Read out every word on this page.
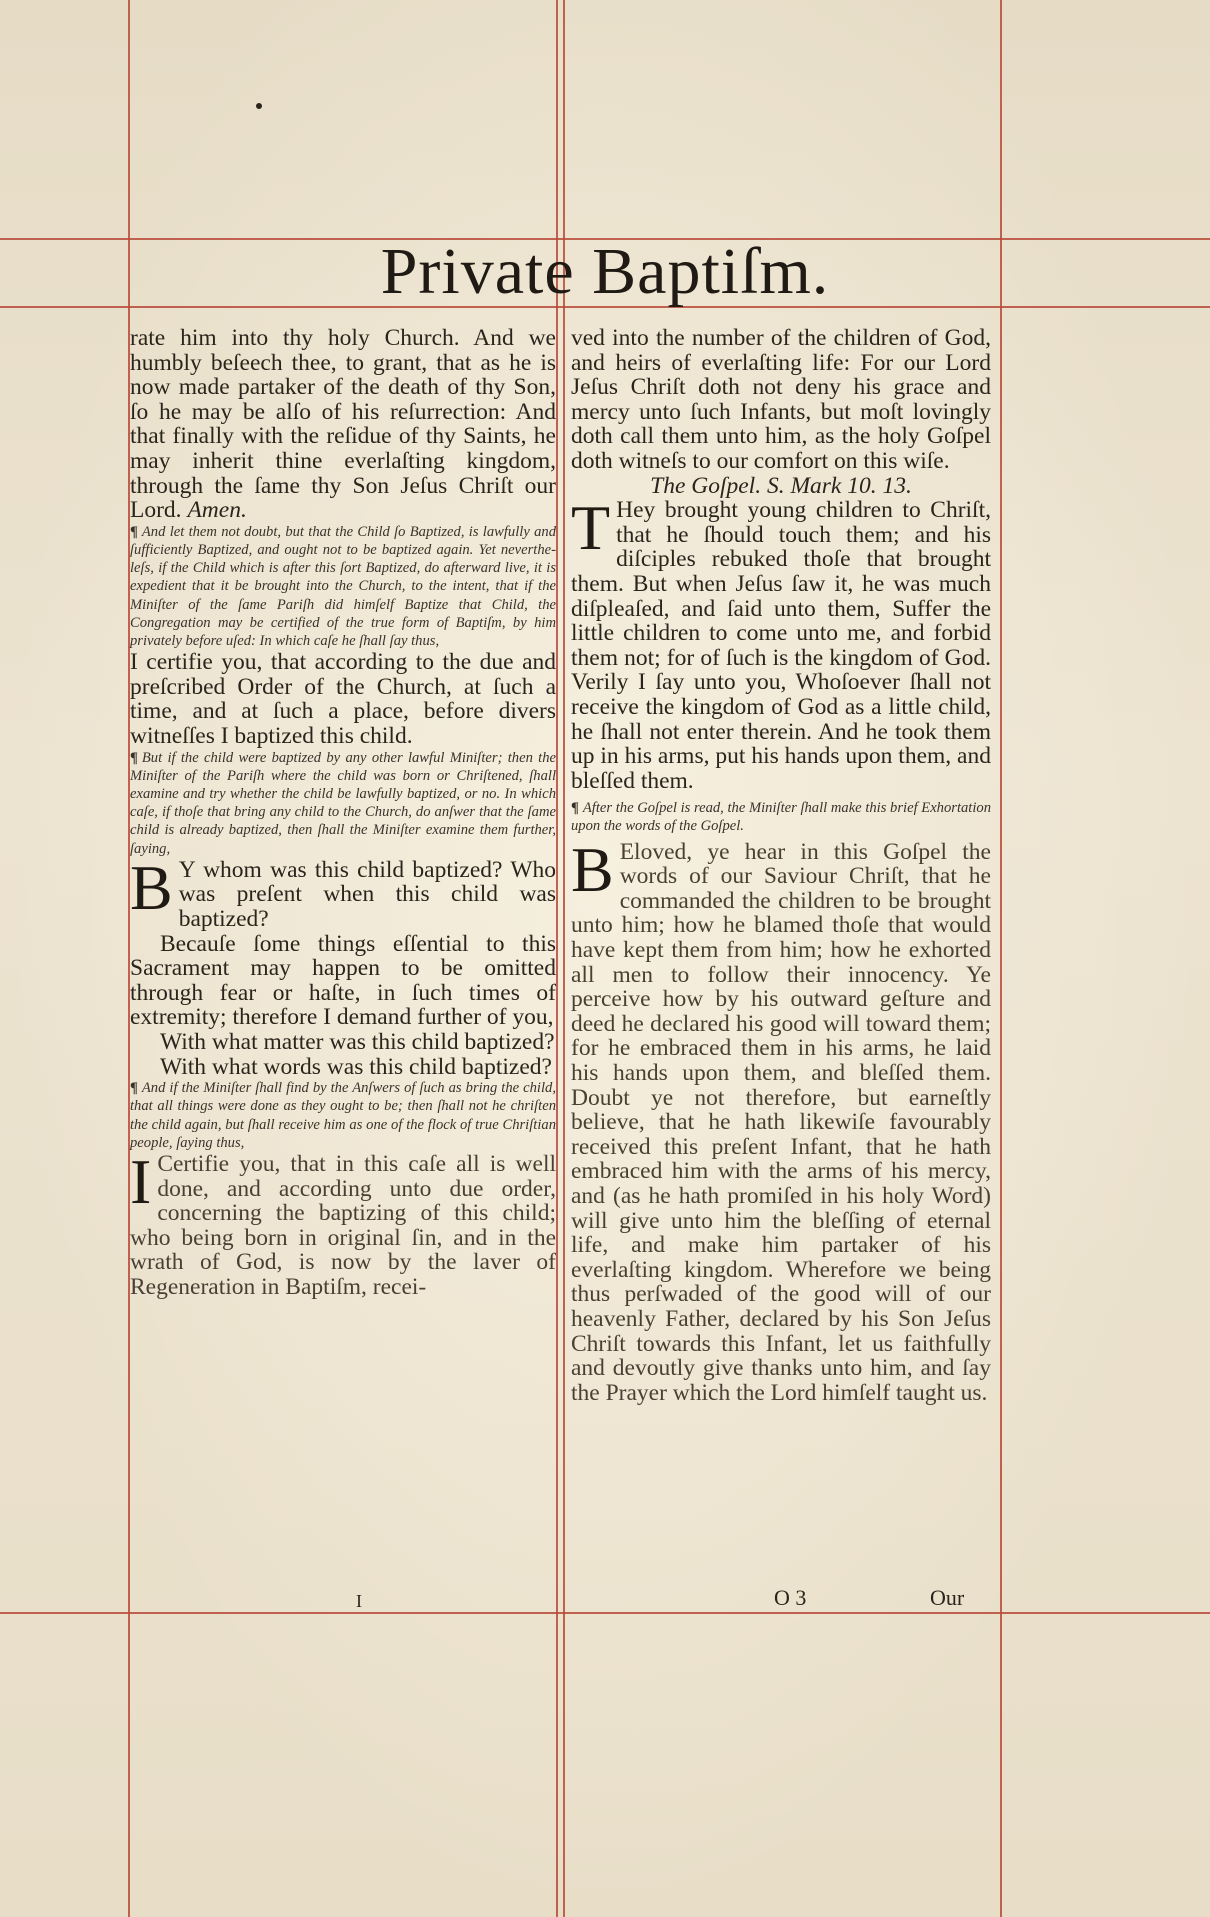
Private Baptiſm.

rate him into thy holy Church. And we humbly beſeech thee, to grant, that as he is now made partaker of the death of thy Son, ſo he may be alſo of his reſurrection: And that finally with the reſidue of thy Saints, he may inherit thine everlaſting kingdom, through the ſame thy Son Jeſus Chriſt our Lord. Amen.

¶ And let them not doubt, but that the Child ſo Baptized, is lawfully and ſufficiently Baptized, and ought not to be baptized again. Yet nevertheleſs, if the Child which is after this ſort Baptized, do afterward live, it is expedient that it be brought into the Church, to the intent, that if the Miniſter of the ſame Pariſh did himſelf Baptize that Child, the Congregation may be certified of the true form of Baptiſm, by him privately before uſed: In which caſe he ſhall ſay thus,

I certifie you, that according to the due and preſcribed Order of the Church, at ſuch a time, and at ſuch a place, before divers witneſſes I baptized this child.

¶ But if the child were baptized by any other lawful Miniſter; then the Miniſter of the Pariſh where the child was born or Chriſtened, ſhall examine and try whether the child be lawfully baptized, or no. In which caſe, if thoſe that bring any child to the Church, do anſwer that the ſame child is already baptized, then ſhall the Miniſter examine them further, ſaying,

B Y whom was this child baptized? Who was preſent when this child was baptized?

Becauſe ſome things eſſential to this Sacrament may happen to be omitted through fear or haſte, in ſuch times of extremity; therefore I demand further of you,

With what matter was this child baptized?

With what words was this child baptized?

¶ And if the Miniſter ſhall find by the Anſwers of ſuch as bring the child, that all things were done as they ought to be; then ſhall not he chriſten the child again, but ſhall receive him as one of the flock of true Chriſtian people, ſaying thus,

I Certifie you, that in this caſe all is well done, and according unto due order, concerning the baptizing of this child; who being born in original ſin, and in the wrath of God, is now by the laver of Regeneration in Baptiſm, recei-

ved into the number of the children of God, and heirs of everlaſting life: For our Lord Jeſus Chriſt doth not deny his grace and mercy unto ſuch Infants, but moſt lovingly doth call them unto him, as the holy Goſpel doth witneſs to our comfort on this wiſe.

The Goſpel. S. Mark 10. 13.

T Hey brought young children to Chriſt, that he ſhould touch them; and his diſciples rebuked thoſe that brought them. But when Jeſus ſaw it, he was much diſpleaſed, and ſaid unto them, Suffer the little children to come unto me, and forbid them not; for of ſuch is the kingdom of God. Verily I ſay unto you, Whoſoever ſhall not receive the kingdom of God as a little child, he ſhall not enter therein. And he took them up in his arms, put his hands upon them, and bleſſed them.

¶ After the Goſpel is read, the Miniſter ſhall make this brief Exhortation upon the words of the Goſpel.

B Eloved, ye hear in this Goſpel the words of our Saviour Chriſt, that he commanded the children to be brought unto him; how he blamed thoſe that would have kept them from him; how he exhorted all men to follow their innocency. Ye perceive how by his outward geſture and deed he declared his good will toward them; for he embraced them in his arms, he laid his hands upon them, and bleſſed them. Doubt ye not therefore, but earneſtly believe, that he hath likewiſe favourably received this preſent Infant, that he hath embraced him with the arms of his mercy, and (as he hath promiſed in his holy Word) will give unto him the bleſſing of eternal life, and make him partaker of his everlaſting kingdom. Wherefore we being thus perſwaded of the good will of our heavenly Father, declared by his Son Jeſus Chriſt towards this Infant, let us faithfully and devoutly give thanks unto him, and ſay the Prayer which the Lord himſelf taught us.

I	O 3	Our
